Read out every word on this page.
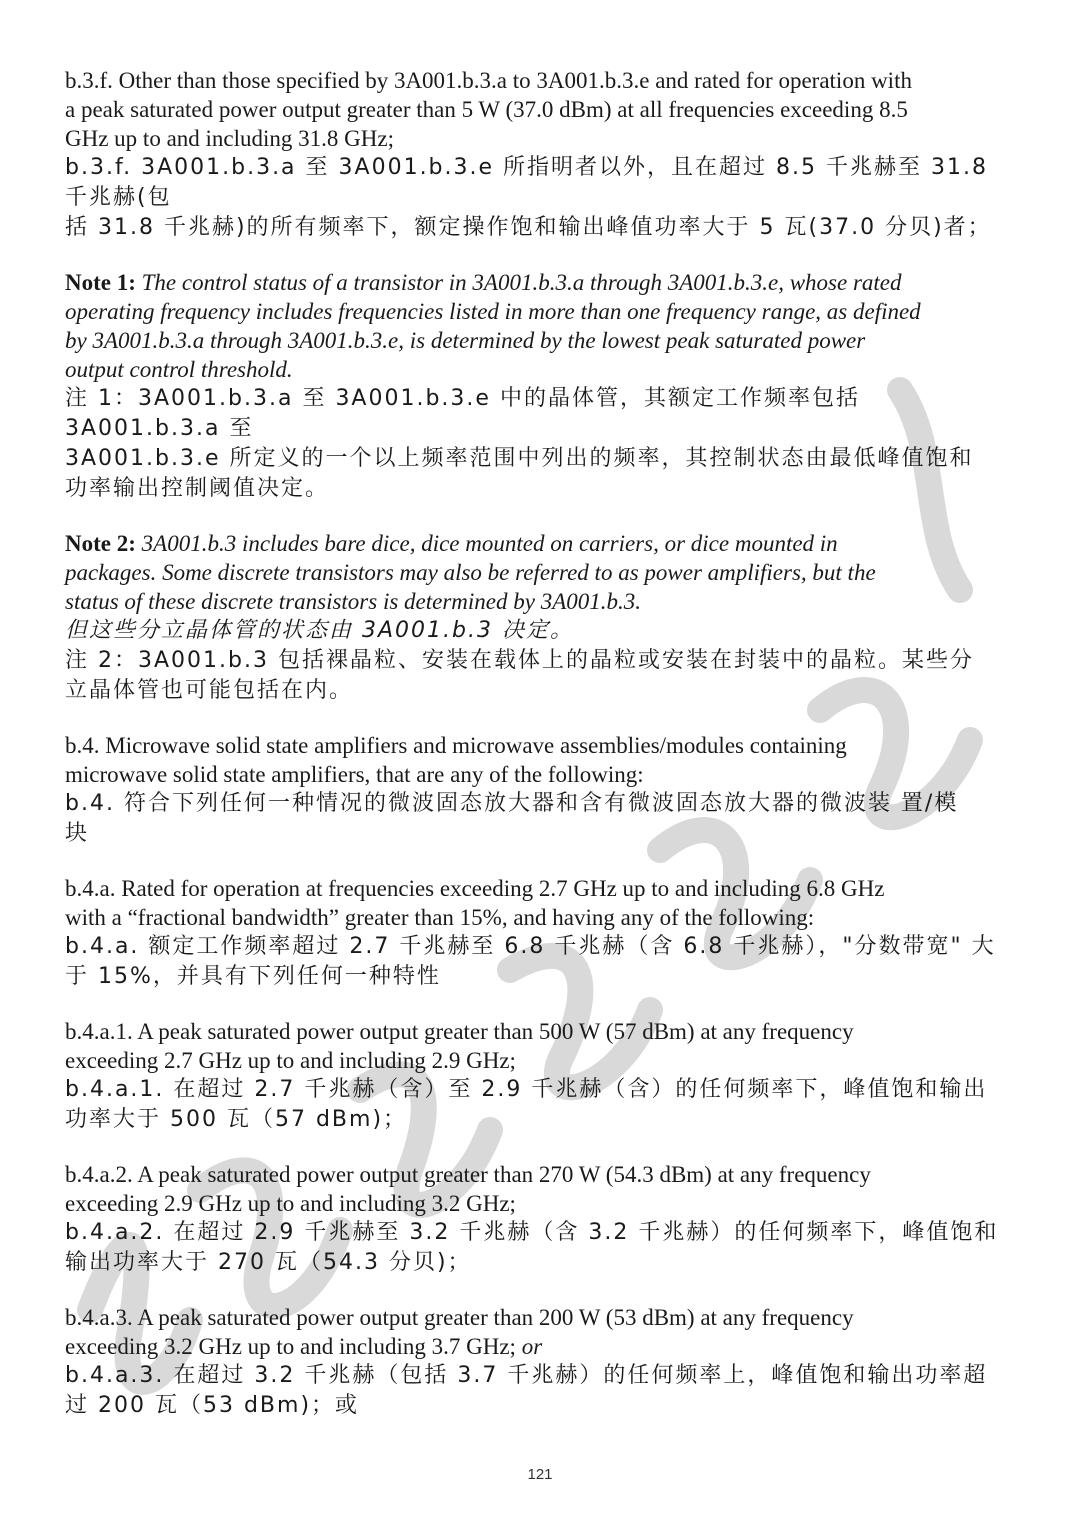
b.3.f. Other than those specified by 3A001.b.3.a to 3A001.b.3.e and rated for operation with
a peak saturated power output greater than 5 W (37.0 dBm) at all frequencies exceeding 8.5
GHz up to and including 31.8 GHz;

b.3.f. 3A001.b.3.a 至 3A001.b.3.e 所指明者以外，且在超过 8.5 千兆赫至 31.8 千兆赫(包
括 31.8 千兆赫)的所有频率下，额定操作饱和输出峰值功率大于 5 瓦(37.0 分贝)者；

Note 1: The control status of a transistor in 3A001.b.3.a through 3A001.b.3.e, whose rated
operating frequency includes frequencies listed in more than one frequency range, as defined
by 3A001.b.3.a through 3A001.b.3.e, is determined by the lowest peak saturated power
output control threshold.

注 1：3A001.b.3.a 至 3A001.b.3.e 中的晶体管，其额定工作频率包括 3A001.b.3.a 至
3A001.b.3.e 所定义的一个以上频率范围中列出的频率，其控制状态由最低峰值饱和
功率输出控制阈值决定。

Note 2: 3A001.b.3 includes bare dice, dice mounted on carriers, or dice mounted in
packages. Some discrete transistors may also be referred to as power amplifiers, but the
status of these discrete transistors is determined by 3A001.b.3.

但这些分立晶体管的状态由 3A001.b.3 决定。

注 2：3A001.b.3 包括裸晶粒、安装在载体上的晶粒或安装在封装中的晶粒。某些分
立晶体管也可能包括在内。

b.4. Microwave solid state amplifiers and microwave assemblies/modules containing
microwave solid state amplifiers, that are any of the following:

b.4. 符合下列任何一种情况的微波固态放大器和含有微波固态放大器的微波装 置/模
块

b.4.a. Rated for operation at frequencies exceeding 2.7 GHz up to and including 6.8 GHz
with a “fractional bandwidth” greater than 15%, and having any of the following:

b.4.a. 额定工作频率超过 2.7 千兆赫至 6.8 千兆赫（含 6.8 千兆赫），"分数带宽" 大
于 15%，并具有下列任何一种特性

b.4.a.1. A peak saturated power output greater than 500 W (57 dBm) at any frequency
exceeding 2.7 GHz up to and including 2.9 GHz;

b.4.a.1. 在超过 2.7 千兆赫（含）至 2.9 千兆赫（含）的任何频率下，峰值饱和输出
功率大于 500 瓦（57 dBm)；

b.4.a.2. A peak saturated power output greater than 270 W (54.3 dBm) at any frequency
exceeding 2.9 GHz up to and including 3.2 GHz;

b.4.a.2. 在超过 2.9 千兆赫至 3.2 千兆赫（含 3.2 千兆赫）的任何频率下，峰值饱和
输出功率大于 270 瓦（54.3 分贝)；

b.4.a.3. A peak saturated power output greater than 200 W (53 dBm) at any frequency
exceeding 3.2 GHz up to and including 3.7 GHz; or

b.4.a.3. 在超过 3.2 千兆赫（包括 3.7 千兆赫）的任何频率上，峰值饱和输出功率超
过 200 瓦（53 dBm)；或

121
